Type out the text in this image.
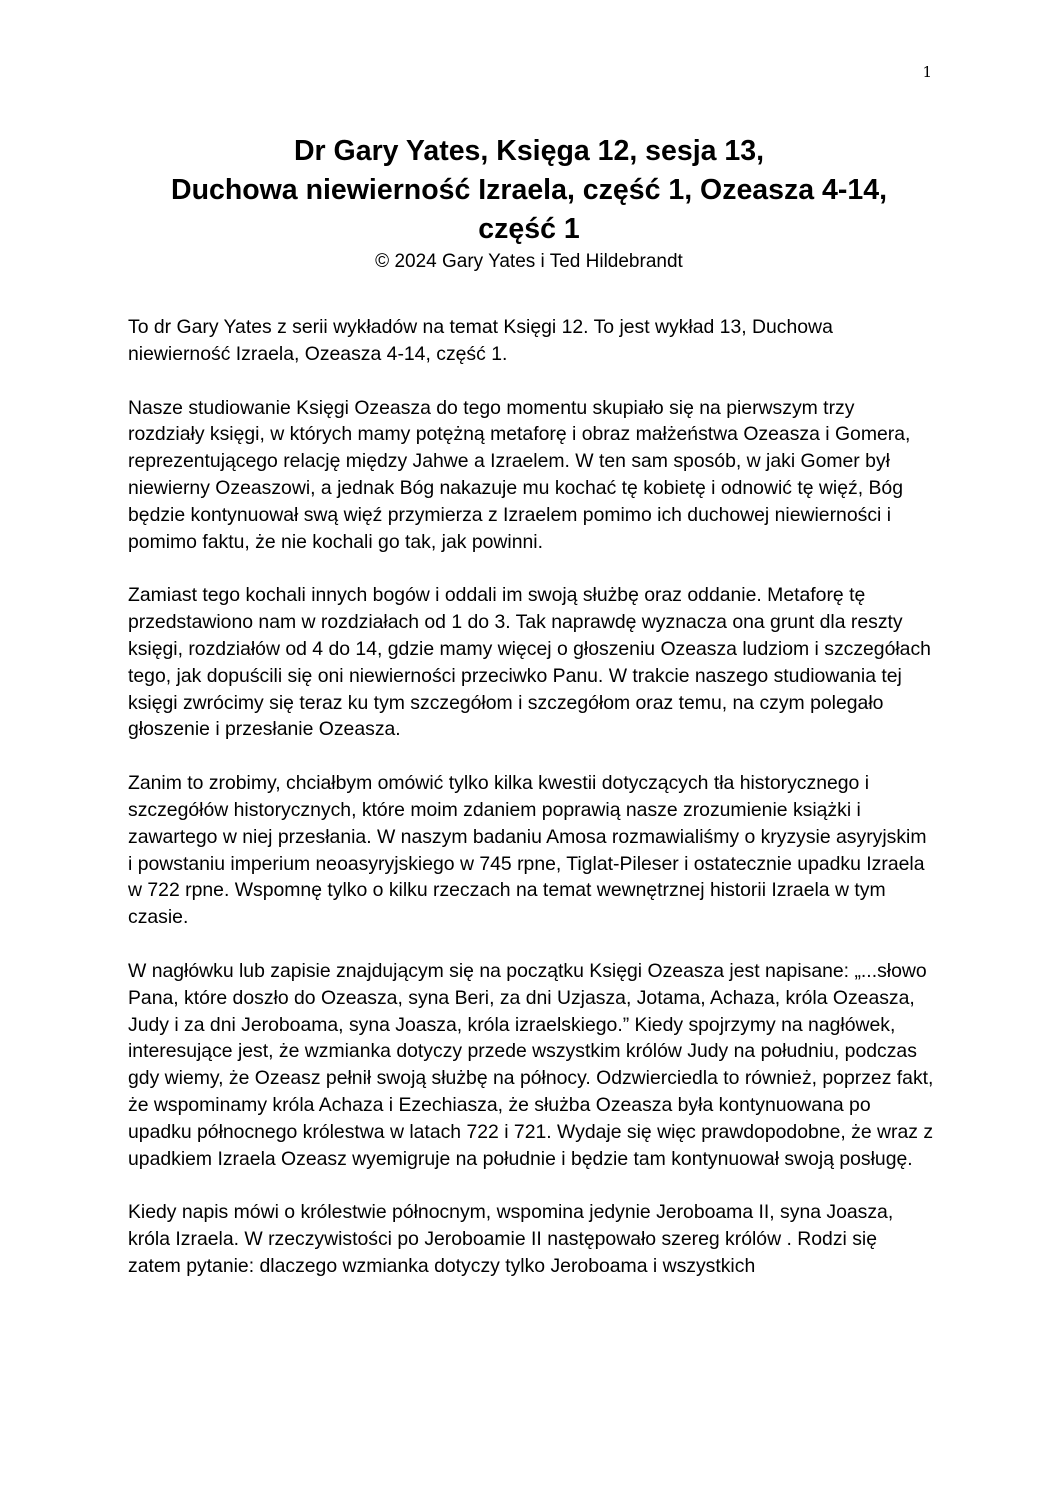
1
Dr Gary Yates, Księga 12, sesja 13,
Duchowa niewierność Izraela, część 1, Ozeasza 4-14,
część 1

© 2024 Gary Yates i Ted Hildebrandt

To dr Gary Yates z serii wykładów na temat Księgi 12. To jest wykład 13, Duchowa niewierność Izraela, Ozeasza 4-14, część 1.

Nasze studiowanie Księgi Ozeasza do tego momentu skupiało się na pierwszym trzy rozdziały księgi, w których mamy potężną metaforę i obraz małżeństwa Ozeasza i Gomera, reprezentującego relację między Jahwe a Izraelem. W ten sam sposób, w jaki Gomer był niewierny Ozeaszowi, a jednak Bóg nakazuje mu kochać tę kobietę i odnowić tę więź, Bóg będzie kontynuował swą więź przymierza z Izraelem pomimo ich duchowej niewierności i pomimo faktu, że nie kochali go tak, jak powinni.

Zamiast tego kochali innych bogów i oddali im swoją służbę oraz oddanie. Metaforę tę przedstawiono nam w rozdziałach od 1 do 3. Tak naprawdę wyznacza ona grunt dla reszty księgi, rozdziałów od 4 do 14, gdzie mamy więcej o głoszeniu Ozeasza ludziom i szczegółach tego, jak dopuścili się oni niewierności przeciwko Panu. W trakcie naszego studiowania tej księgi zwrócimy się teraz ku tym szczegółom i szczegółom oraz temu, na czym polegało głoszenie i przesłanie Ozeasza.

Zanim to zrobimy, chciałbym omówić tylko kilka kwestii dotyczących tła historycznego i szczegółów historycznych, które moim zdaniem poprawią nasze zrozumienie książki i zawartego w niej przesłania. W naszym badaniu Amosa rozmawialiśmy o kryzysie asyryjskim i powstaniu imperium neoasyryjskiego w 745 rpne, Tiglat-Pileser i ostatecznie upadku Izraela w 722 rpne. Wspomnę tylko o kilku rzeczach na temat wewnętrznej historii Izraela w tym czasie.

W nagłówku lub zapisie znajdującym się na początku Księgi Ozeasza jest napisane: „...słowo Pana, które doszło do Ozeasza, syna Beri, za dni Uzjasza, Jotama, Achaza, króla Ozeasza, Judy i za dni Jeroboama, syna Joasza, króla izraelskiego.” Kiedy spojrzymy na nagłówek, interesujące jest, że wzmianka dotyczy przede wszystkim królów Judy na południu, podczas gdy wiemy, że Ozeasz pełnił swoją służbę na północy. Odzwierciedla to również, poprzez fakt, że wspominamy króla Achaza i Ezechiasza, że służba Ozeasza była kontynuowana po upadku północnego królestwa w latach 722 i 721. Wydaje się więc prawdopodobne, że wraz z upadkiem Izraela Ozeasz wyemigruje na południe i będzie tam kontynuował swoją posługę.

Kiedy napis mówi o królestwie północnym, wspomina jedynie Jeroboama II, syna Joasza, króla Izraela. W rzeczywistości po Jeroboamie II następowało szereg królów . Rodzi się zatem pytanie: dlaczego wzmianka dotyczy tylko Jeroboama i wszystkich
